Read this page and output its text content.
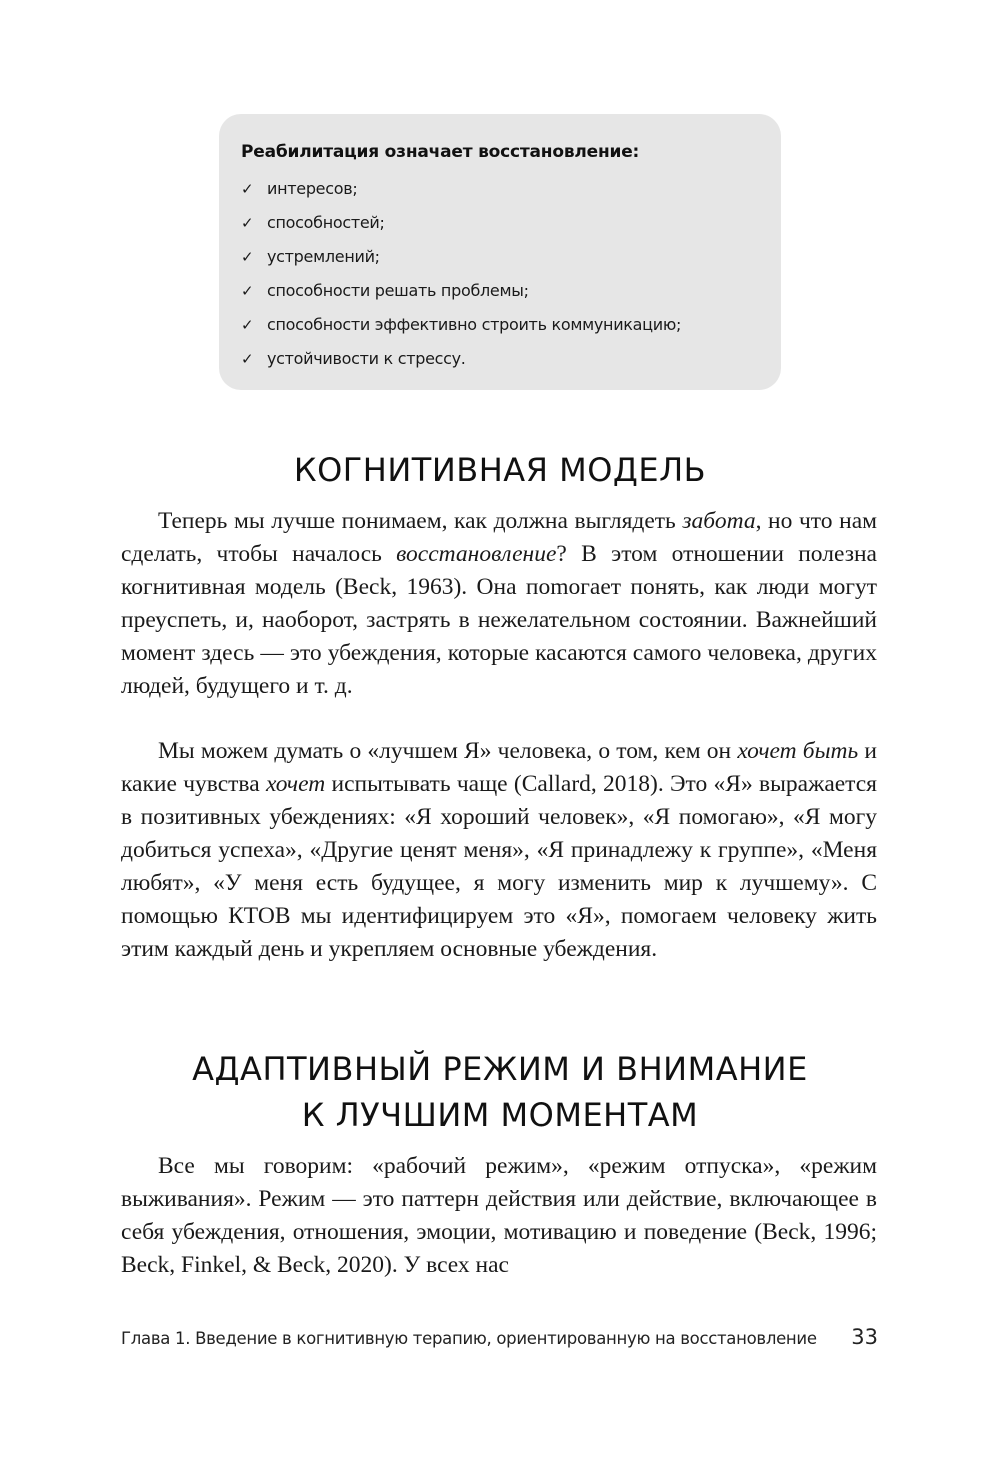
Реабилитация означает восстановление:

✓ интересов;
✓ способностей;
✓ устремлений;
✓ способности решать проблемы;
✓ способности эффективно строить коммуникацию;
✓ устойчивости к стрессу.
КОГНИТИВНАЯ МОДЕЛЬ

Теперь мы лучше понимаем, как должна выглядеть забота, но что нам сделать, чтобы началось восстановление? В этом отношении полезна когнитивная модель (Beck, 1963). Она поmогает понять, как люди могут преуспеть, и, наоборот, застрять в нежелательном состоянии. Важнейший момент здесь — это убеждения, которые касаются самого человека, других людей, будущего и т. д.

Мы можем думать о «лучшем Я» человека, о том, кем он хочет быть и какие чувства хочет испытывать чаще (Callard, 2018). Это «Я» выражается в позитивных убеждениях: «Я хороший человек», «Я помогаю», «Я могу добиться успеха», «Другие ценят меня», «Я принадлежу к группе», «Меня любят», «У меня есть будущее, я могу изменить мир к лучшему». С помощью КТОВ мы идентифицируем это «Я», помогаем человеку жить этим каждый день и укрепляем основные убеждения.

АДАПТИВНЫЙ РЕЖИМ И ВНИМАНИЕ
К ЛУЧШИМ МОМЕНТАМ

Все мы говорим: «рабочий режим», «режим отпуска», «режим выживания». Режим — это паттерн действия или действие, включающее в себя убеждения, отношения, эмоции, мотивацию и поведение (Beck, 1996; Beck, Finkel, & Beck, 2020). У всех нас

Глава 1. Введение в когнитивную терапию, ориентированную на восстановление 33
